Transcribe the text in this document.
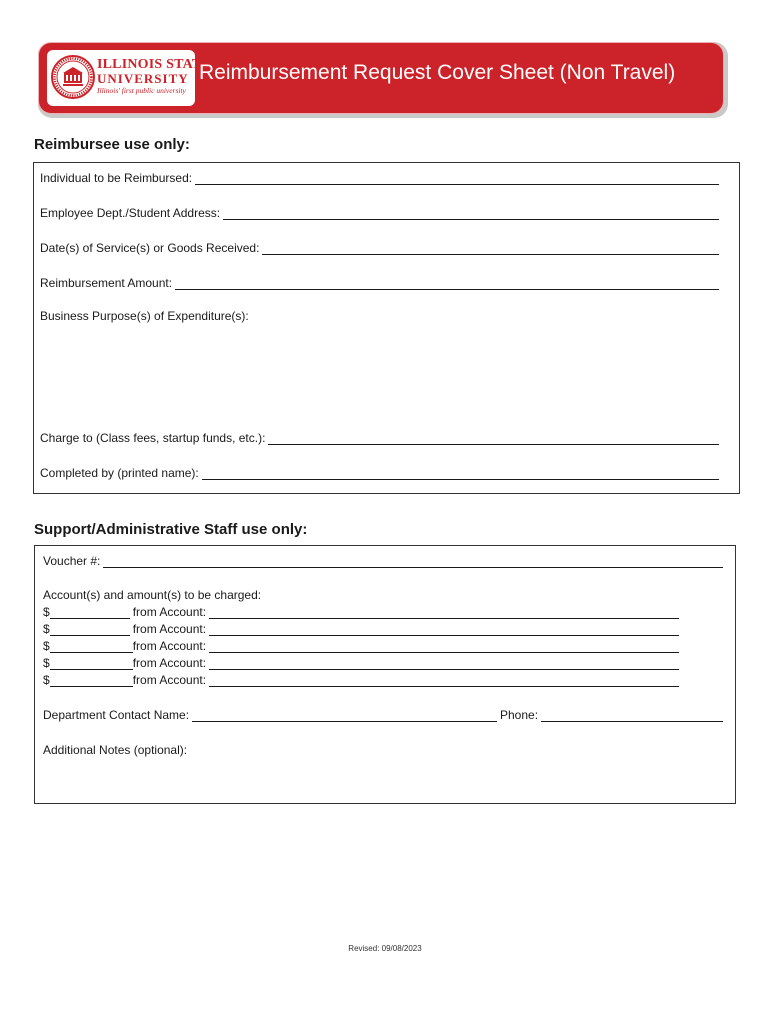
ILLINOIS STATE
UNIVERSITY
Illinois' first public university
Reimbursement Request Cover Sheet (Non Travel)
Reimbursee use only:
Individual to be Reimbursed:
Employee Dept./Student Address:
Date(s) of Service(s) or Goods Received:
Reimbursement Amount:
Business Purpose(s) of Expenditure(s):
Charge to (Class fees, startup funds, etc.):
Completed by (printed name):
Support/Administrative Staff use only:
Voucher #:
Account(s) and amount(s) to be charged:
$	from Account:
$	from Account:
$	from Account:
$	from Account:
$	from Account:
Department Contact Name:	Phone:
Additional Notes (optional):
Revised: 09/08/2023
